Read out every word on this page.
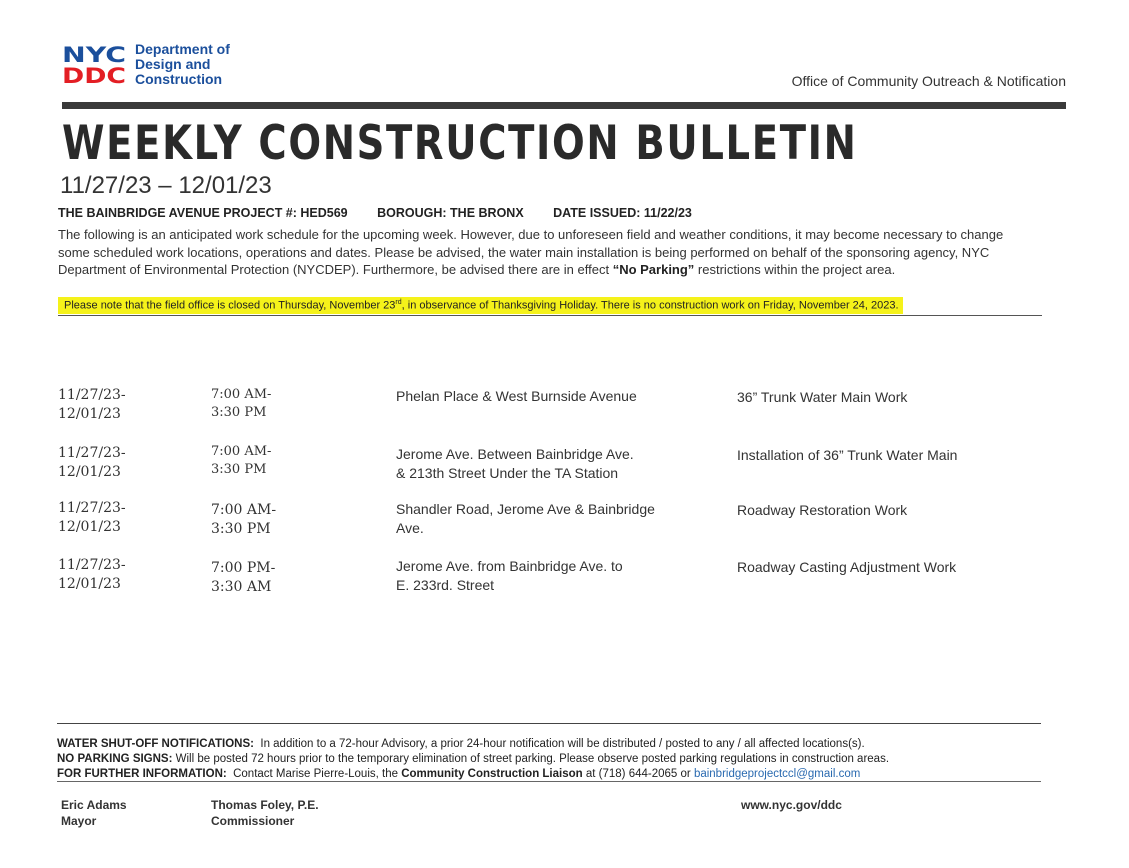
NYC
DDC
Department of
Design and
Construction	Office of Community Outreach & Notification
WEEKLY CONSTRUCTION BULLETIN
11/27/23 – 12/01/23
THE BAINBRIDGE AVENUE PROJECT #: HED569 BOROUGH: THE BRONX DATE ISSUED: 11/22/23
The following is an anticipated work schedule for the upcoming week. However, due to unforeseen field and weather conditions, it may become necessary to change some scheduled work locations, operations and dates. Please be advised, the water main installation is being performed on behalf of the sponsoring agency, NYC Department of Environmental Protection (NYCDEP). Furthermore, be advised there are in effect “No Parking” restrictions within the project area.
Please note that the field office is closed on Thursday, November 23rd, in observance of Thanksgiving Holiday. There is no construction work on Friday, November 24, 2023.
11/27/23-
12/01/23
7:00 AM-
3:30 PM
Phelan Place & West Burnside Avenue	36” Trunk Water Main Work
11/27/23-
12/01/23
7:00 AM-
3:30 PM
Jerome Ave. Between Bainbridge Ave.
& 213th Street Under the TA Station
Installation of 36” Trunk Water Main
11/27/23-
12/01/23
7:00 AM-
3:30 PM
Shandler Road, Jerome Ave & Bainbridge
Ave.
Roadway Restoration Work
11/27/23-
12/01/23
7:00 PM-
3:30 AM
Jerome Ave. from Bainbridge Ave. to
E. 233rd. Street
Roadway Casting Adjustment Work
WATER SHUT-OFF NOTIFICATIONS: In addition to a 72-hour Advisory, a prior 24-hour notification will be distributed / posted to any / all affected locations(s).
NO PARKING SIGNS: Will be posted 72 hours prior to the temporary elimination of street parking. Please observe posted parking regulations in construction areas.
FOR FURTHER INFORMATION: Contact Marise Pierre-Louis, the Community Construction Liaison at (718) 644-2065 or bainbridgeprojectccl@gmail.com
Eric Adams
Mayor
Thomas Foley, P.E.
Commissioner
www.nyc.gov/ddc
